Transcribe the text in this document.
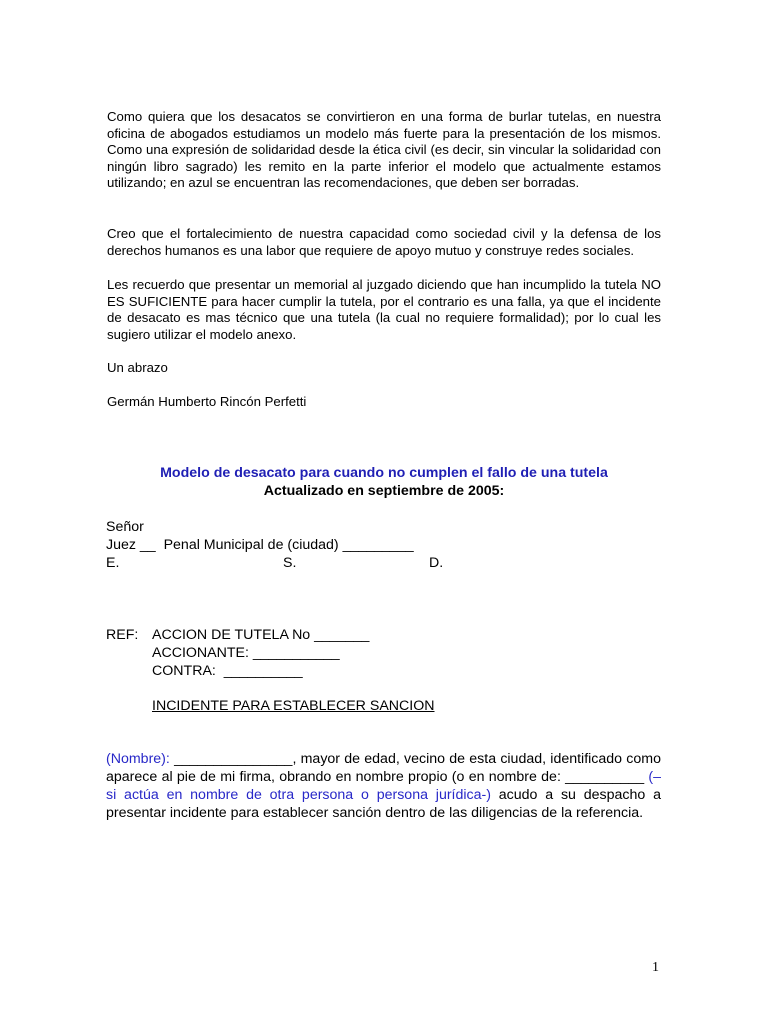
Como quiera que los desacatos se convirtieron en una forma de burlar tutelas, en nuestra oficina de abogados estudiamos un modelo más fuerte para la presentación de los mismos. Como una expresión de solidaridad desde la ética civil (es decir, sin vincular la solidaridad con ningún libro sagrado) les remito en la parte inferior el modelo que actualmente estamos utilizando; en azul se encuentran las recomendaciones, que deben ser borradas.

Creo que el fortalecimiento de nuestra capacidad como sociedad civil y la defensa de los derechos humanos es una labor que requiere de apoyo mutuo y construye redes sociales.

Les recuerdo que presentar un memorial al juzgado diciendo que han incumplido la tutela NO ES SUFICIENTE para hacer cumplir la tutela, por el contrario es una falla, ya que el incidente de desacato es mas técnico que una tutela (la cual no requiere formalidad); por lo cual les sugiero utilizar el modelo anexo.

Un abrazo

Germán Humberto Rincón Perfetti

Modelo de desacato para cuando no cumplen el fallo de una tutela
Actualizado en septiembre de 2005:
Señor
Juez __  Penal Municipal de (ciudad) _________

E.

	S.

	D.

REF: ACCION DE TUTELA No _______
ACCIONANTE: ___________
CONTRA:  __________
INCIDENTE PARA ESTABLECER SANCION

(Nombre): _______________, mayor de edad, vecino de esta ciudad, identificado como aparece al pie de mi firma, obrando en nombre propio (o en nombre de: __________ (– si actúa en nombre de otra persona o persona jurídica-) acudo a su despacho a presentar incidente para establecer sanción dentro de las diligencias de la referencia.

1
